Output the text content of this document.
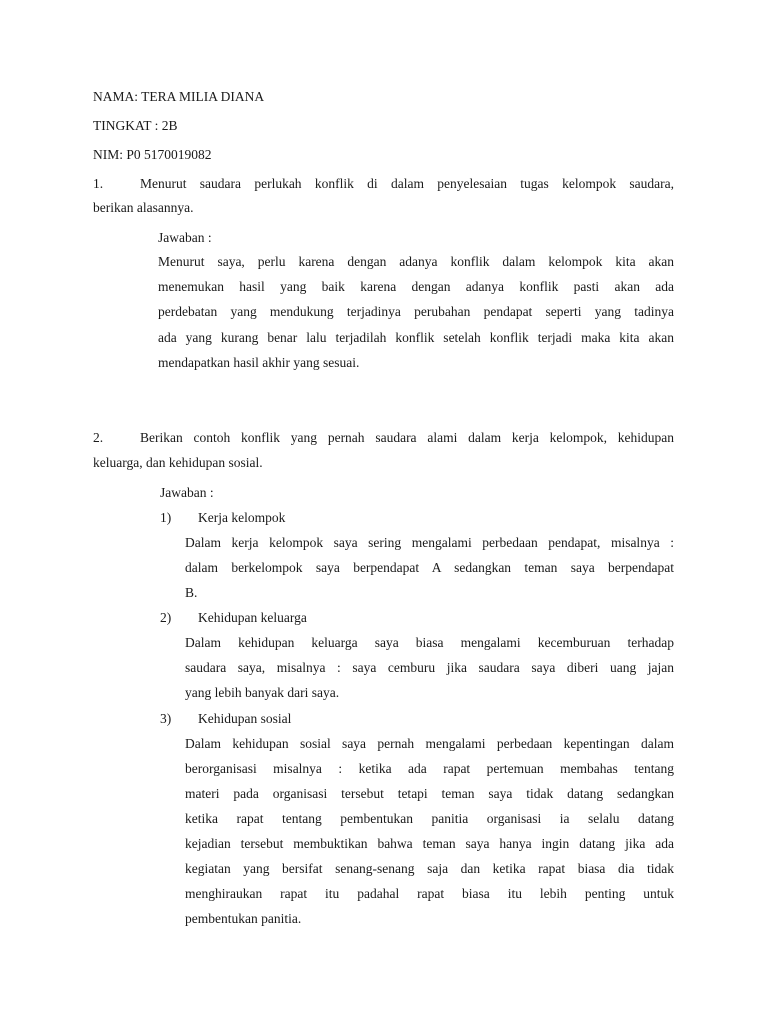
NAMA: TERA MILIA DIANA
TINGKAT : 2B
NIM: P0 5170019082
1.	Menurut saudara perlukah konflik di dalam penyelesaian tugas kelompok saudara,
berikan alasannya.
Jawaban :
Menurut saya, perlu karena dengan adanya konflik dalam kelompok kita akan
menemukan hasil yang baik karena dengan adanya konflik pasti akan ada
perdebatan yang mendukung terjadinya perubahan pendapat seperti yang tadinya
ada yang kurang benar lalu terjadilah konflik setelah konflik terjadi maka kita akan
mendapatkan hasil akhir yang sesuai.
2.	Berikan contoh konflik yang pernah saudara alami dalam kerja kelompok, kehidupan
keluarga, dan kehidupan sosial.
Jawaban :
1) Kerja kelompok
Dalam kerja kelompok saya sering mengalami perbedaan pendapat, misalnya :
dalam berkelompok saya berpendapat A sedangkan teman saya berpendapat
B.
2) Kehidupan keluarga
Dalam kehidupan keluarga saya biasa mengalami kecemburuan terhadap
saudara saya, misalnya : saya cemburu jika saudara saya diberi uang jajan
yang lebih banyak dari saya.
3) Kehidupan sosial
Dalam kehidupan sosial saya pernah mengalami perbedaan kepentingan dalam
berorganisasi misalnya : ketika ada rapat pertemuan membahas tentang
materi pada organisasi tersebut tetapi teman saya tidak datang sedangkan
ketika rapat tentang pembentukan panitia organisasi ia selalu datang
kejadian tersebut membuktikan bahwa teman saya hanya ingin datang jika ada
kegiatan yang bersifat senang-senang saja dan ketika rapat biasa dia tidak
menghiraukan rapat itu padahal rapat biasa itu lebih penting untuk
pembentukan panitia.
